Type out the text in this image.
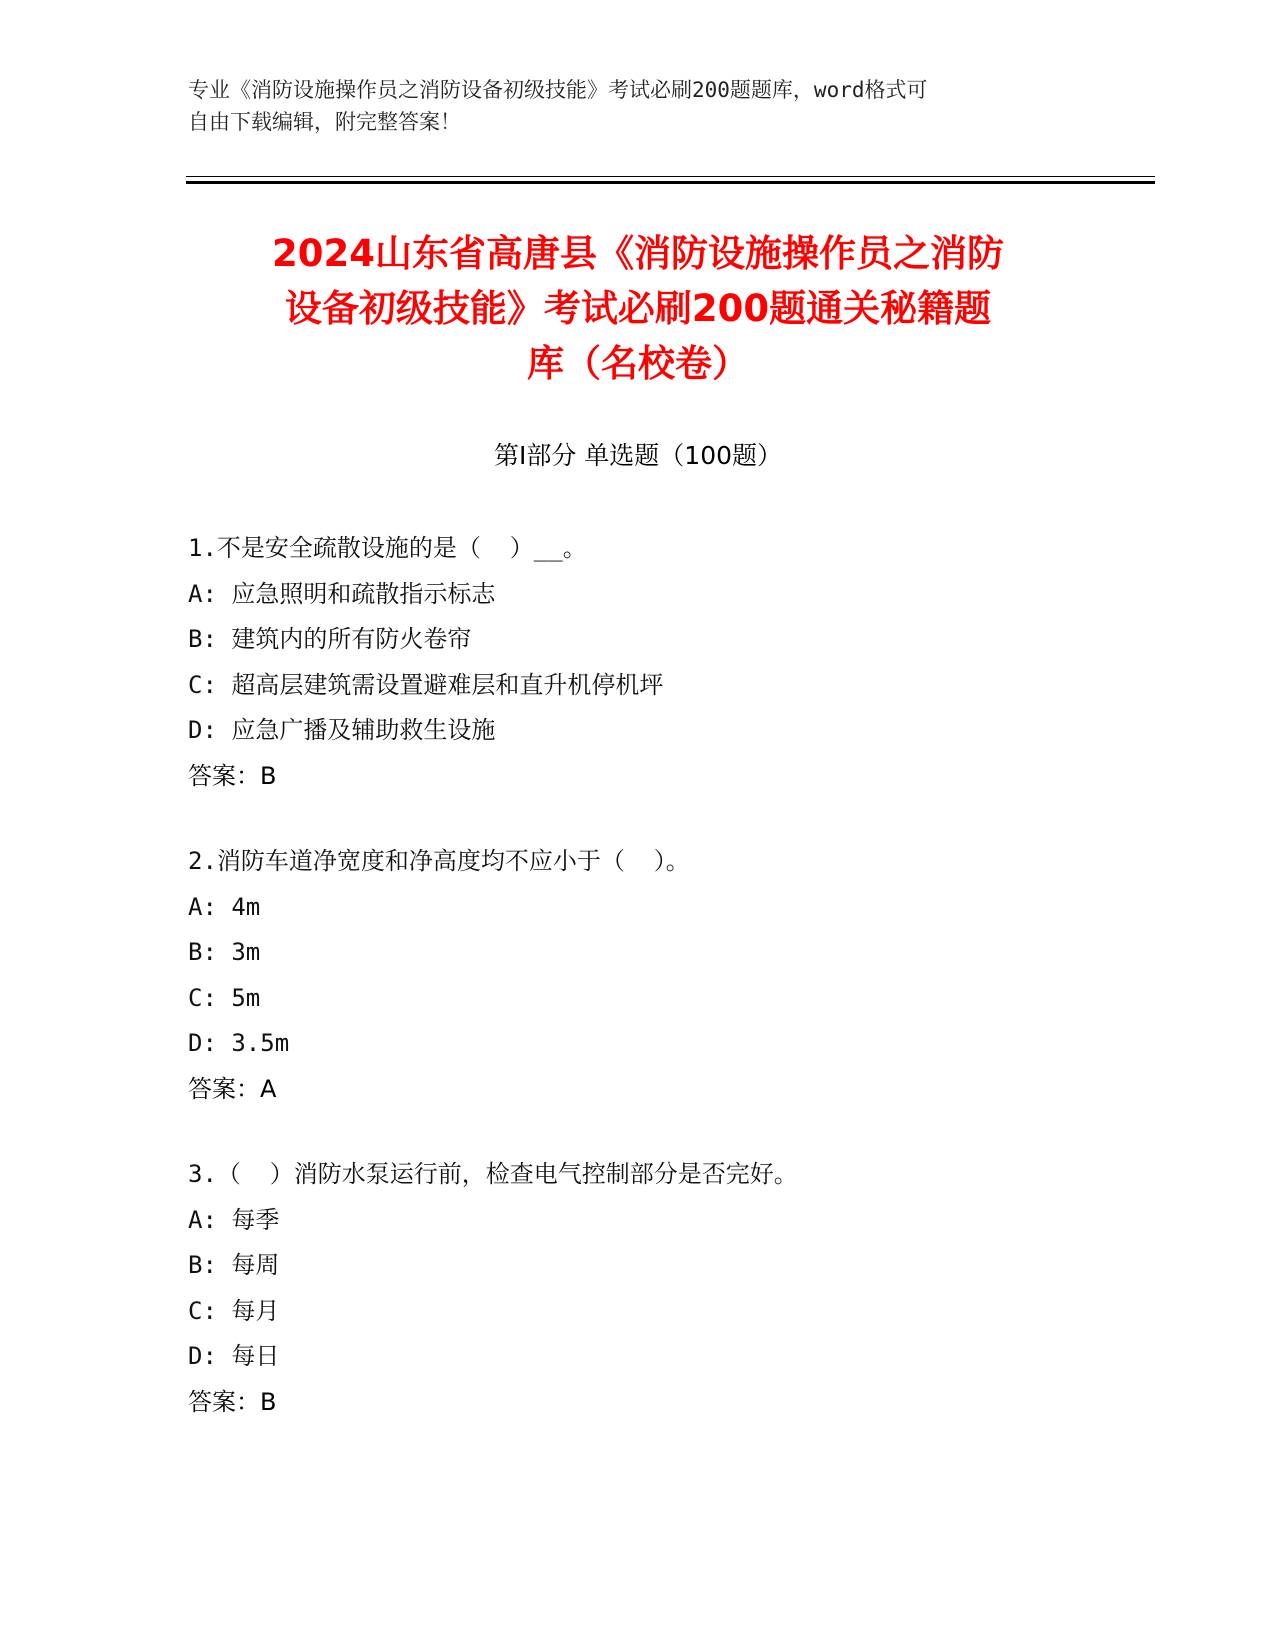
专业《消防设施操作员之消防设备初级技能》考试必刷200题题库，word格式可
自由下载编辑，附完整答案！
2024山东省高唐县《消防设施操作员之消防
设备初级技能》考试必刷200题通关秘籍题
库（名校卷）
第Ⅰ部分 单选题（100题）
1.不是安全疏散设施的是（  ）__。
A: 应急照明和疏散指示标志
B: 建筑内的所有防火卷帘
C: 超高层建筑需设置避难层和直升机停机坪
D: 应急广播及辅助救生设施
答案：B
2.消防车道净宽度和净高度均不应小于（  ）。
A: 4m
B: 3m
C: 5m
D: 3.5m
答案：A
3.（  ）消防水泵运行前，检查电气控制部分是否完好。
A: 每季
B: 每周
C: 每月
D: 每日
答案：B
